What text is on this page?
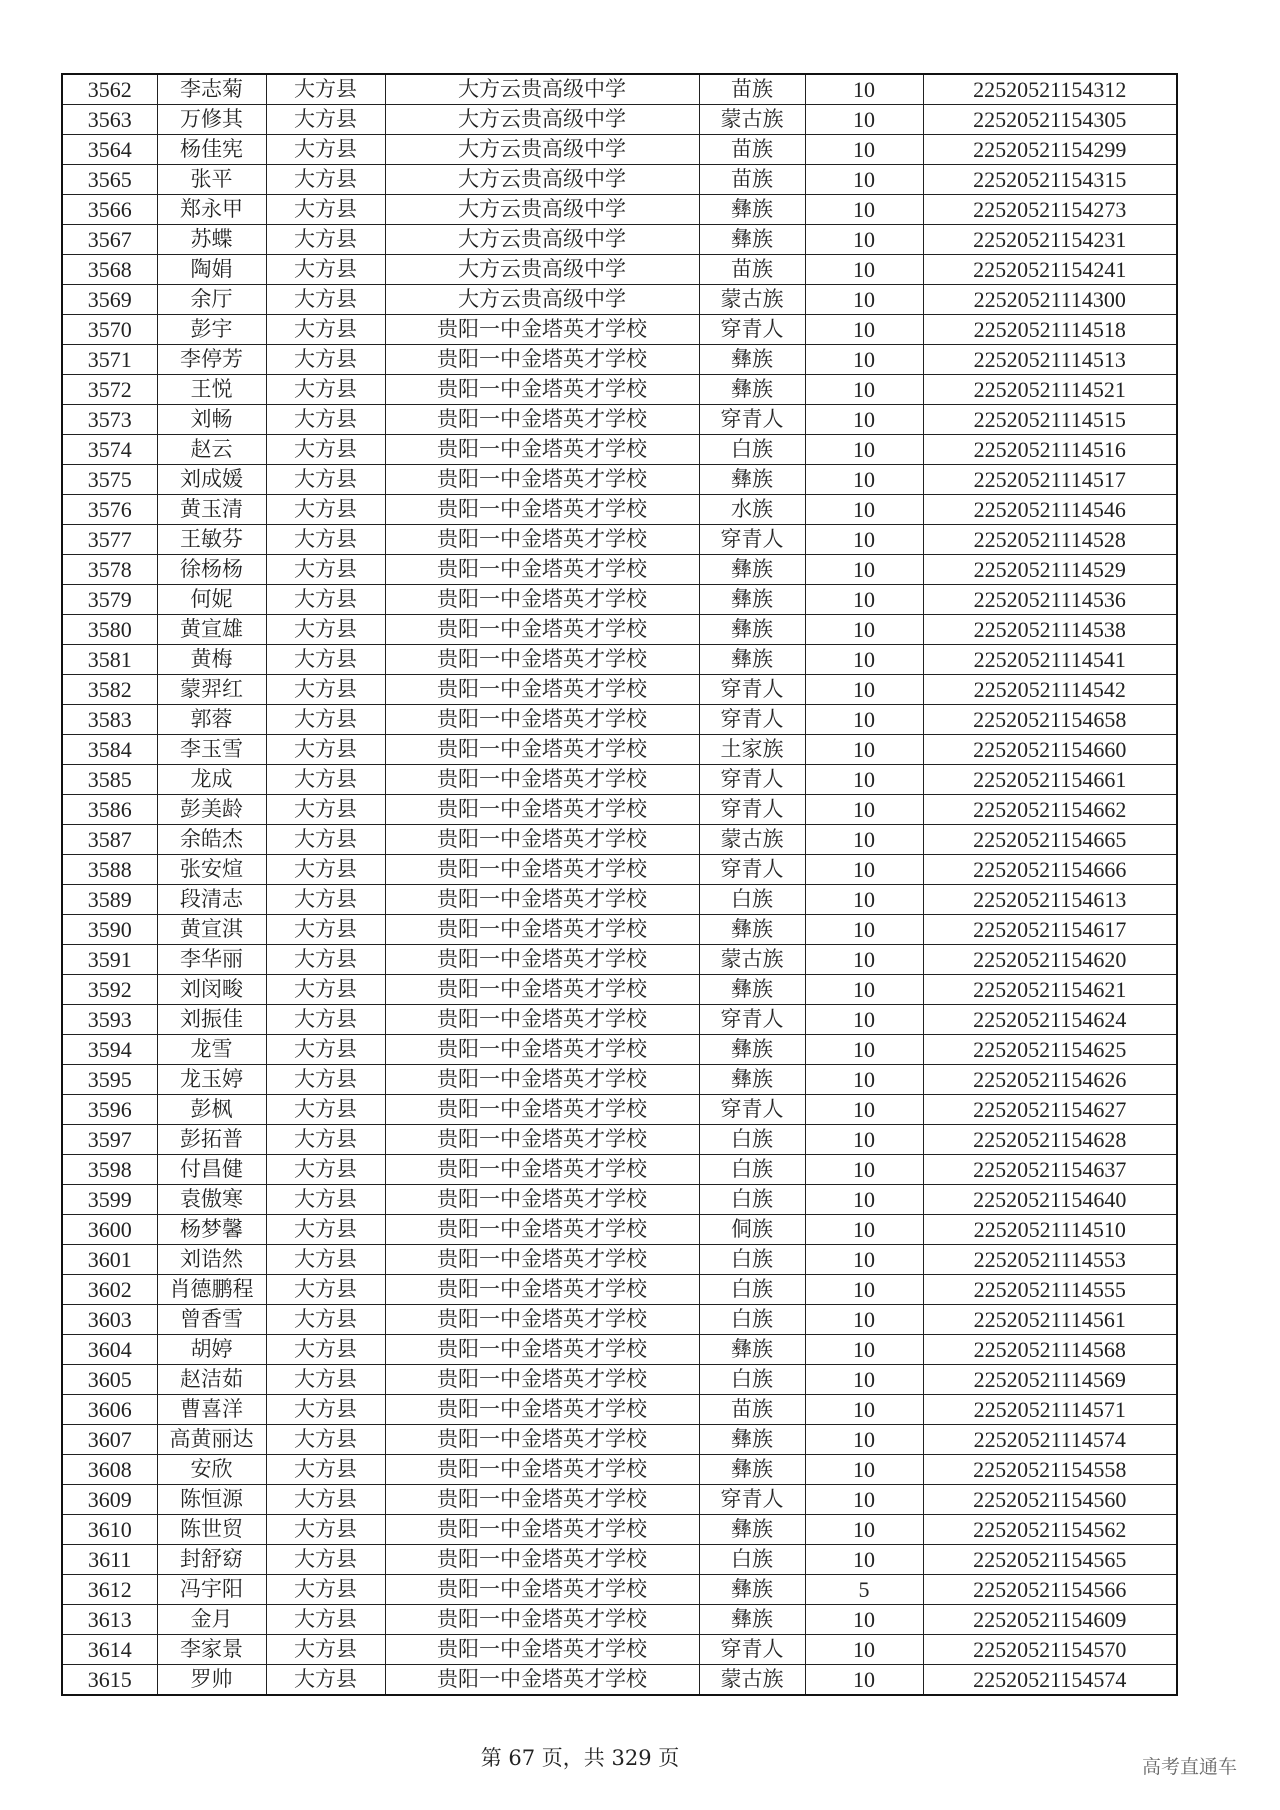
3562	李志菊	大方县	大方云贵高级中学	苗族	10	22520521154312
3563	万修其	大方县	大方云贵高级中学	蒙古族	10	22520521154305
3564	杨佳宪	大方县	大方云贵高级中学	苗族	10	22520521154299
3565	张平	大方县	大方云贵高级中学	苗族	10	22520521154315
3566	郑永甲	大方县	大方云贵高级中学	彝族	10	22520521154273
3567	苏蝶	大方县	大方云贵高级中学	彝族	10	22520521154231
3568	陶娟	大方县	大方云贵高级中学	苗族	10	22520521154241
3569	余厅	大方县	大方云贵高级中学	蒙古族	10	22520521114300
3570	彭宇	大方县	贵阳一中金塔英才学校	穿青人	10	22520521114518
3571	李停芳	大方县	贵阳一中金塔英才学校	彝族	10	22520521114513
3572	王悦	大方县	贵阳一中金塔英才学校	彝族	10	22520521114521
3573	刘畅	大方县	贵阳一中金塔英才学校	穿青人	10	22520521114515
3574	赵云	大方县	贵阳一中金塔英才学校	白族	10	22520521114516
3575	刘成媛	大方县	贵阳一中金塔英才学校	彝族	10	22520521114517
3576	黄玉清	大方县	贵阳一中金塔英才学校	水族	10	22520521114546
3577	王敏芬	大方县	贵阳一中金塔英才学校	穿青人	10	22520521114528
3578	徐杨杨	大方县	贵阳一中金塔英才学校	彝族	10	22520521114529
3579	何妮	大方县	贵阳一中金塔英才学校	彝族	10	22520521114536
3580	黄宣雄	大方县	贵阳一中金塔英才学校	彝族	10	22520521114538
3581	黄梅	大方县	贵阳一中金塔英才学校	彝族	10	22520521114541
3582	蒙羿红	大方县	贵阳一中金塔英才学校	穿青人	10	22520521114542
3583	郭蓉	大方县	贵阳一中金塔英才学校	穿青人	10	22520521154658
3584	李玉雪	大方县	贵阳一中金塔英才学校	土家族	10	22520521154660
3585	龙成	大方县	贵阳一中金塔英才学校	穿青人	10	22520521154661
3586	彭美龄	大方县	贵阳一中金塔英才学校	穿青人	10	22520521154662
3587	余皓杰	大方县	贵阳一中金塔英才学校	蒙古族	10	22520521154665
3588	张安煊	大方县	贵阳一中金塔英才学校	穿青人	10	22520521154666
3589	段清志	大方县	贵阳一中金塔英才学校	白族	10	22520521154613
3590	黄宣淇	大方县	贵阳一中金塔英才学校	彝族	10	22520521154617
3591	李华丽	大方县	贵阳一中金塔英才学校	蒙古族	10	22520521154620
3592	刘闵畯	大方县	贵阳一中金塔英才学校	彝族	10	22520521154621
3593	刘振佳	大方县	贵阳一中金塔英才学校	穿青人	10	22520521154624
3594	龙雪	大方县	贵阳一中金塔英才学校	彝族	10	22520521154625
3595	龙玉婷	大方县	贵阳一中金塔英才学校	彝族	10	22520521154626
3596	彭枫	大方县	贵阳一中金塔英才学校	穿青人	10	22520521154627
3597	彭拓普	大方县	贵阳一中金塔英才学校	白族	10	22520521154628
3598	付昌健	大方县	贵阳一中金塔英才学校	白族	10	22520521154637
3599	袁傲寒	大方县	贵阳一中金塔英才学校	白族	10	22520521154640
3600	杨梦馨	大方县	贵阳一中金塔英才学校	侗族	10	22520521114510
3601	刘诰然	大方县	贵阳一中金塔英才学校	白族	10	22520521114553
3602	肖德鹏程	大方县	贵阳一中金塔英才学校	白族	10	22520521114555
3603	曾香雪	大方县	贵阳一中金塔英才学校	白族	10	22520521114561
3604	胡婷	大方县	贵阳一中金塔英才学校	彝族	10	22520521114568
3605	赵洁茹	大方县	贵阳一中金塔英才学校	白族	10	22520521114569
3606	曹喜洋	大方县	贵阳一中金塔英才学校	苗族	10	22520521114571
3607	高黄丽达	大方县	贵阳一中金塔英才学校	彝族	10	22520521114574
3608	安欣	大方县	贵阳一中金塔英才学校	彝族	10	22520521154558
3609	陈恒源	大方县	贵阳一中金塔英才学校	穿青人	10	22520521154560
3610	陈世贸	大方县	贵阳一中金塔英才学校	彝族	10	22520521154562
3611	封舒窈	大方县	贵阳一中金塔英才学校	白族	10	22520521154565
3612	冯宇阳	大方县	贵阳一中金塔英才学校	彝族	5	22520521154566
3613	金月	大方县	贵阳一中金塔英才学校	彝族	10	22520521154609
3614	李家景	大方县	贵阳一中金塔英才学校	穿青人	10	22520521154570
3615	罗帅	大方县	贵阳一中金塔英才学校	蒙古族	10	22520521154574
第 67 页，共 329 页	高考直通车
